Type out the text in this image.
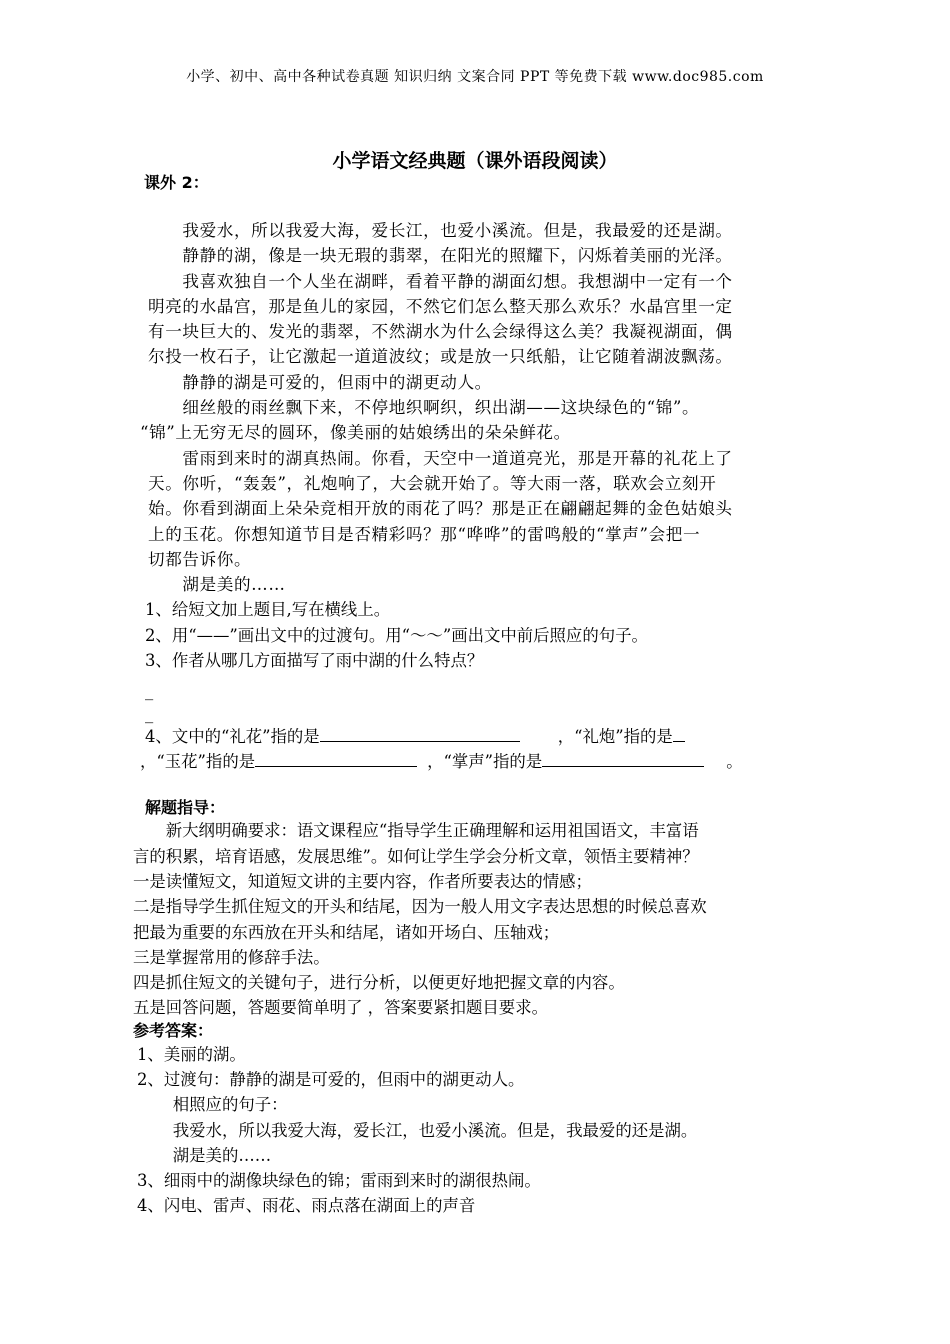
小学、初中、高中各种试卷真题 知识归纳 文案合同 PPT 等免费下载 www.doc985.com
小学语文经典题（课外语段阅读）
课外 2：
　　我爱水，所以我爱大海，爱长江，也爱小溪流。但是，我最爱的还是湖。
　　静静的湖，像是一块无瑕的翡翠，在阳光的照耀下，闪烁着美丽的光泽。
　　我喜欢独自一个人坐在湖畔，看着平静的湖面幻想。我想湖中一定有一个
明亮的水晶宫，那是鱼儿的家园，不然它们怎么整天那么欢乐？水晶宫里一定
有一块巨大的、发光的翡翠，不然湖水为什么会绿得这么美？我凝视湖面，偶
尔投一枚石子，让它激起一道道波纹；或是放一只纸船，让它随着湖波飘荡。
　　静静的湖是可爱的，但雨中的湖更动人。
　　细丝般的雨丝飘下来，不停地织啊织，织出湖——这块绿色的“锦”。
“锦”上无穷无尽的圆环，像美丽的姑娘绣出的朵朵鲜花。
　　雷雨到来时的湖真热闹。你看，天空中一道道亮光，那是开幕的礼花上了
天。你听，“轰轰”，礼炮响了，大会就开始了。等大雨一落，联欢会立刻开
始。你看到湖面上朵朵竞相开放的雨花了吗？那是正在翩翩起舞的金色姑娘头
上的玉花。你想知道节目是否精彩吗？那“哗哗”的雷鸣般的“掌声”会把一
切都告诉你。
　　湖是美的……
1、给短文加上题目,写在横线上。
2、用“——”画出文中的过渡句。用“～～”画出文中前后照应的句子。
3、作者从哪几方面描写了雨中湖的什么特点？
_
_
4、文中的“礼花”指的是	，“礼炮”指的是
，“玉花”指的是	，“掌声”指的是	。
解题指导：
　　新大纲明确要求：语文课程应“指导学生正确理解和运用祖国语文，丰富语
言的积累，培育语感，发展思维”。如何让学生学会分析文章，领悟主要精神？
一是读懂短文，知道短文讲的主要内容，作者所要表达的情感；
二是指导学生抓住短文的开头和结尾，因为一般人用文字表达思想的时候总喜欢
把最为重要的东西放在开头和结尾，诸如开场白、压轴戏；
三是掌握常用的修辞手法。
四是抓住短文的关键句子，进行分析，以便更好地把握文章的内容。
五是回答问题，答题要简单明了 ，答案要紧扣题目要求。
参考答案：
1、美丽的湖。
2、过渡句：静静的湖是可爱的，但雨中的湖更动人。
　　相照应的句子：
　　我爱水，所以我爱大海，爱长江，也爱小溪流。但是，我最爱的还是湖。
　　湖是美的……
3、细雨中的湖像块绿色的锦；雷雨到来时的湖很热闹。
4、闪电、雷声、雨花、雨点落在湖面上的声音
